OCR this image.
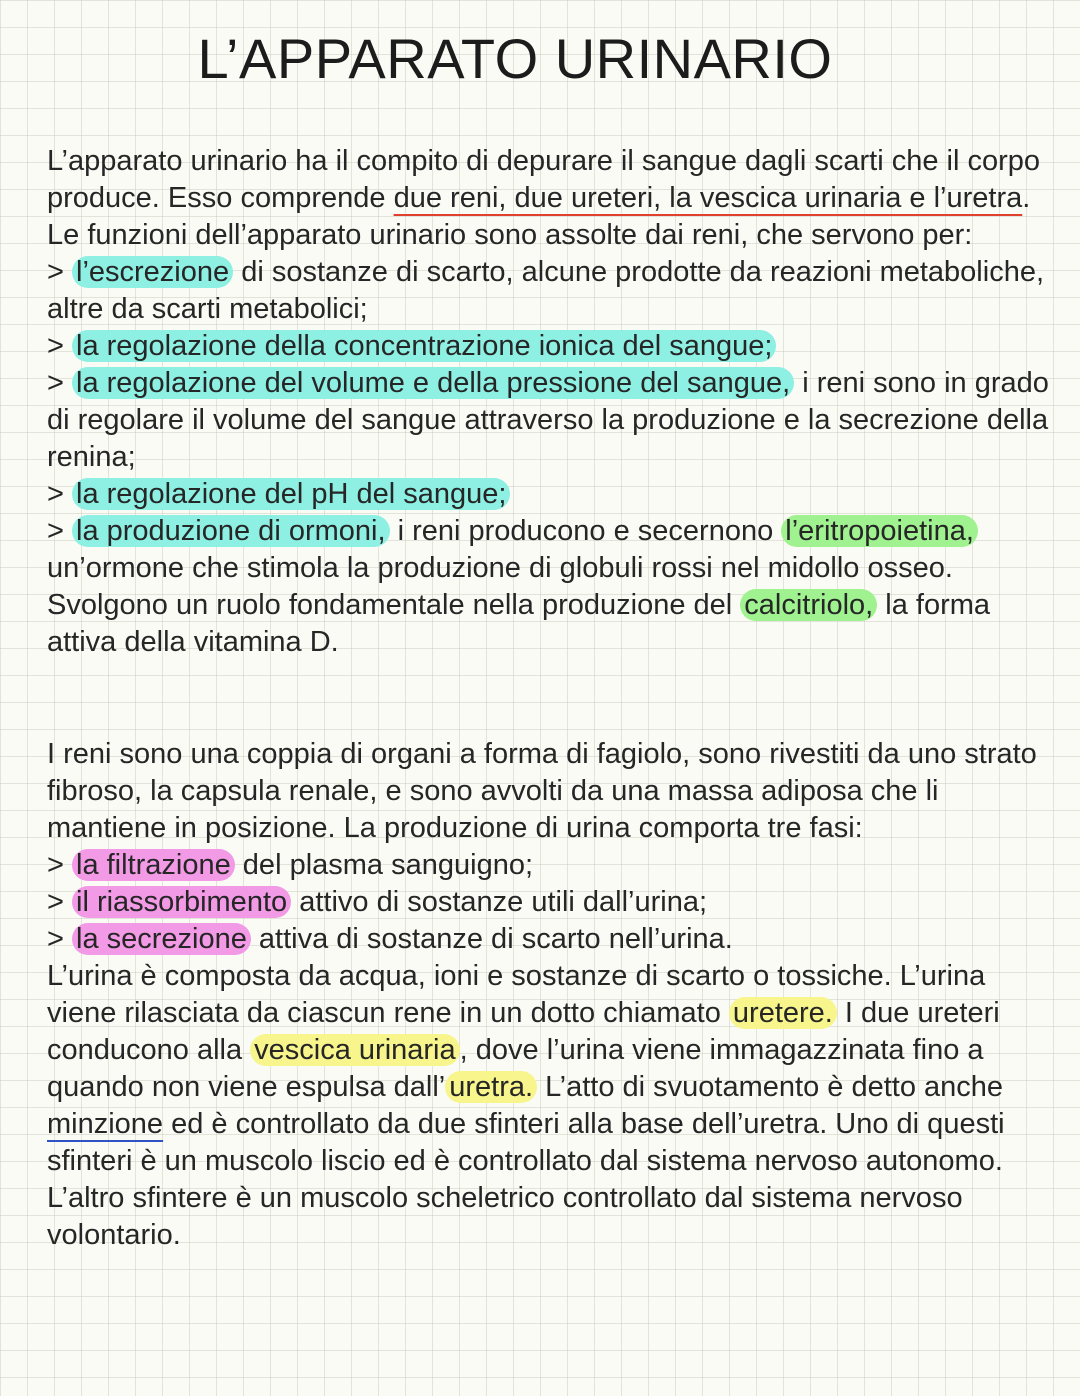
L’APPARATO URINARIO

L’apparato urinario ha il compito di depurare il sangue dagli scarti che il corpo produce. Esso comprende due reni, due ureteri, la vescica urinaria e l’uretra. Le funzioni dell’apparato urinario sono assolte dai reni, che servono per:
> l’escrezione di sostanze di scarto, alcune prodotte da reazioni metaboliche, altre da scarti metabolici;
> la regolazione della concentrazione ionica del sangue;
> la regolazione del volume e della pressione del sangue, i reni sono in grado di regolare il volume del sangue attraverso la produzione e la secrezione della renina;
> la regolazione del pH del sangue;
> la produzione di ormoni, i reni producono e secernono l’eritropoietina, un’ormone che stimola la produzione di globuli rossi nel midollo osseo. Svolgono un ruolo fondamentale nella produzione del calcitriolo, la forma attiva della vitamina D.

I reni sono una coppia di organi a forma di fagiolo, sono rivestiti da uno strato fibroso, la capsula renale, e sono avvolti da una massa adiposa che li mantiene in posizione. La produzione di urina comporta tre fasi:
> la filtrazione del plasma sanguigno;
> il riassorbimento attivo di sostanze utili dall’urina;
> la secrezione attiva di sostanze di scarto nell’urina.
L’urina è composta da acqua, ioni e sostanze di scarto o tossiche. L’urina viene rilasciata da ciascun rene in un dotto chiamato uretere. I due ureteri conducono alla vescica urinaria , dove l’urina viene immagazzinata fino a quando non viene espulsa dall’ uretra. L’atto di svuotamento è detto anche minzione ed è controllato da due sfinteri alla base dell’uretra. Uno di questi sfinteri è un muscolo liscio ed è controllato dal sistema nervoso autonomo. L’altro sfintere è un muscolo scheletrico controllato dal sistema nervoso volontario.
